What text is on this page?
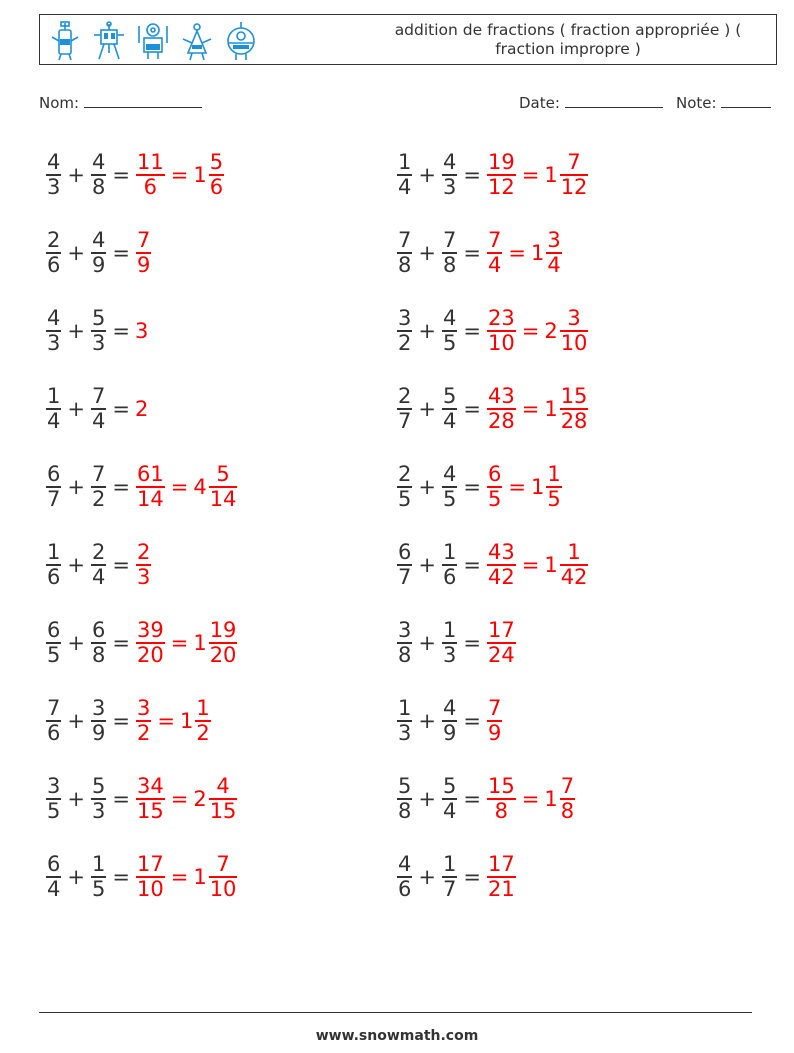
addition de fractions ( fraction appropriée ) ( fraction impropre )
Nom:	Date:	Note:
$\frac{4}{3} + \frac{4}{8} = \frac{11}{6} = 1 \frac{5}{6}$	$\frac{1}{4} + \frac{4}{3} = \frac{19}{12} = 1 \frac{7}{12}$
$\frac{2}{6} + \frac{4}{9} = \frac{7}{9}$	$\frac{7}{8} + \frac{7}{8} = \frac{7}{4} = 1 \frac{3}{4}$
$\frac{4}{3} + \frac{5}{3} = 3$	$\frac{3}{2} + \frac{4}{5} = \frac{23}{10} = 2 \frac{3}{10}$
$\frac{1}{4} + \frac{7}{4} = 2$	$\frac{2}{7} + \frac{5}{4} = \frac{43}{28} = 1 \frac{15}{28}$
$\frac{6}{7} + \frac{7}{2} = \frac{61}{14} = 4 \frac{5}{14}$	$\frac{2}{5} + \frac{4}{5} = \frac{6}{5} = 1 \frac{1}{5}$
$\frac{1}{6} + \frac{2}{4} = \frac{2}{3}$	$\frac{6}{7} + \frac{1}{6} = \frac{43}{42} = 1 \frac{1}{42}$
$\frac{6}{5} + \frac{6}{8} = \frac{39}{20} = 1 \frac{19}{20}$	$\frac{3}{8} + \frac{1}{3} = \frac{17}{24}$
$\frac{7}{6} + \frac{3}{9} = \frac{3}{2} = 1 \frac{1}{2}$	$\frac{1}{3} + \frac{4}{9} = \frac{7}{9}$
$\frac{3}{5} + \frac{5}{3} = \frac{34}{15} = 2 \frac{4}{15}$	$\frac{5}{8} + \frac{5}{4} = \frac{15}{8} = 1 \frac{7}{8}$
$\frac{6}{4} + \frac{1}{5} = \frac{17}{10} = 1 \frac{7}{10}$	$\frac{4}{6} + \frac{1}{7} = \frac{17}{21}$
www.snowmath.com
